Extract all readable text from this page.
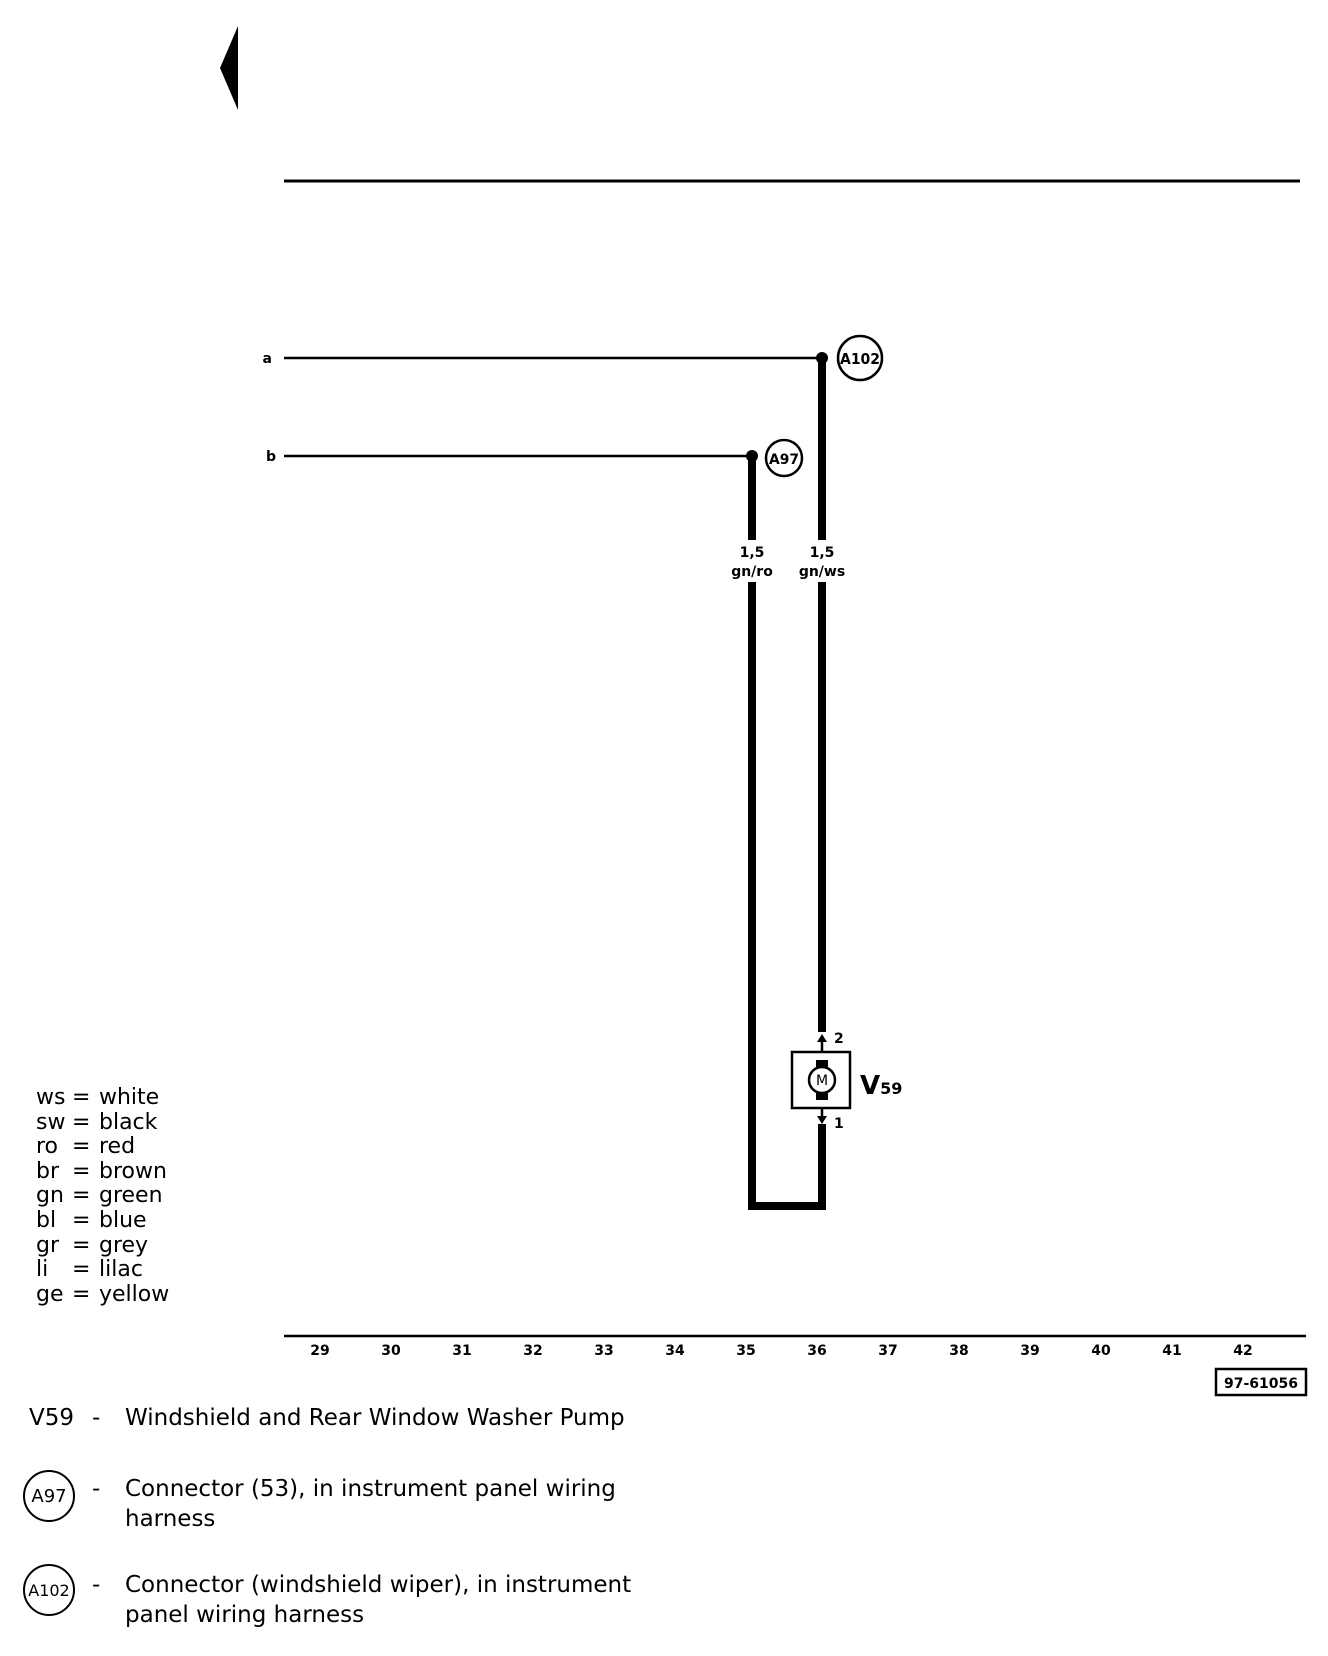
a
b
A102
A97
1,5
gn/ro
1,5
gn/ws
2
M
1
V59
29	30	31	32	33	34	35	36	37	38	39	40	41	42
97-61056
ws = white
sw = black
ro = red
br = brown
gn = green
bl = blue
gr = grey
li	= lilac
ge = yellow
V59 - Windshield and Rear Window Washer Pump
A97 - Connector (53), in instrument panel wiring
harness
A102 - Connector (windshield wiper), in instrument
panel wiring harness
